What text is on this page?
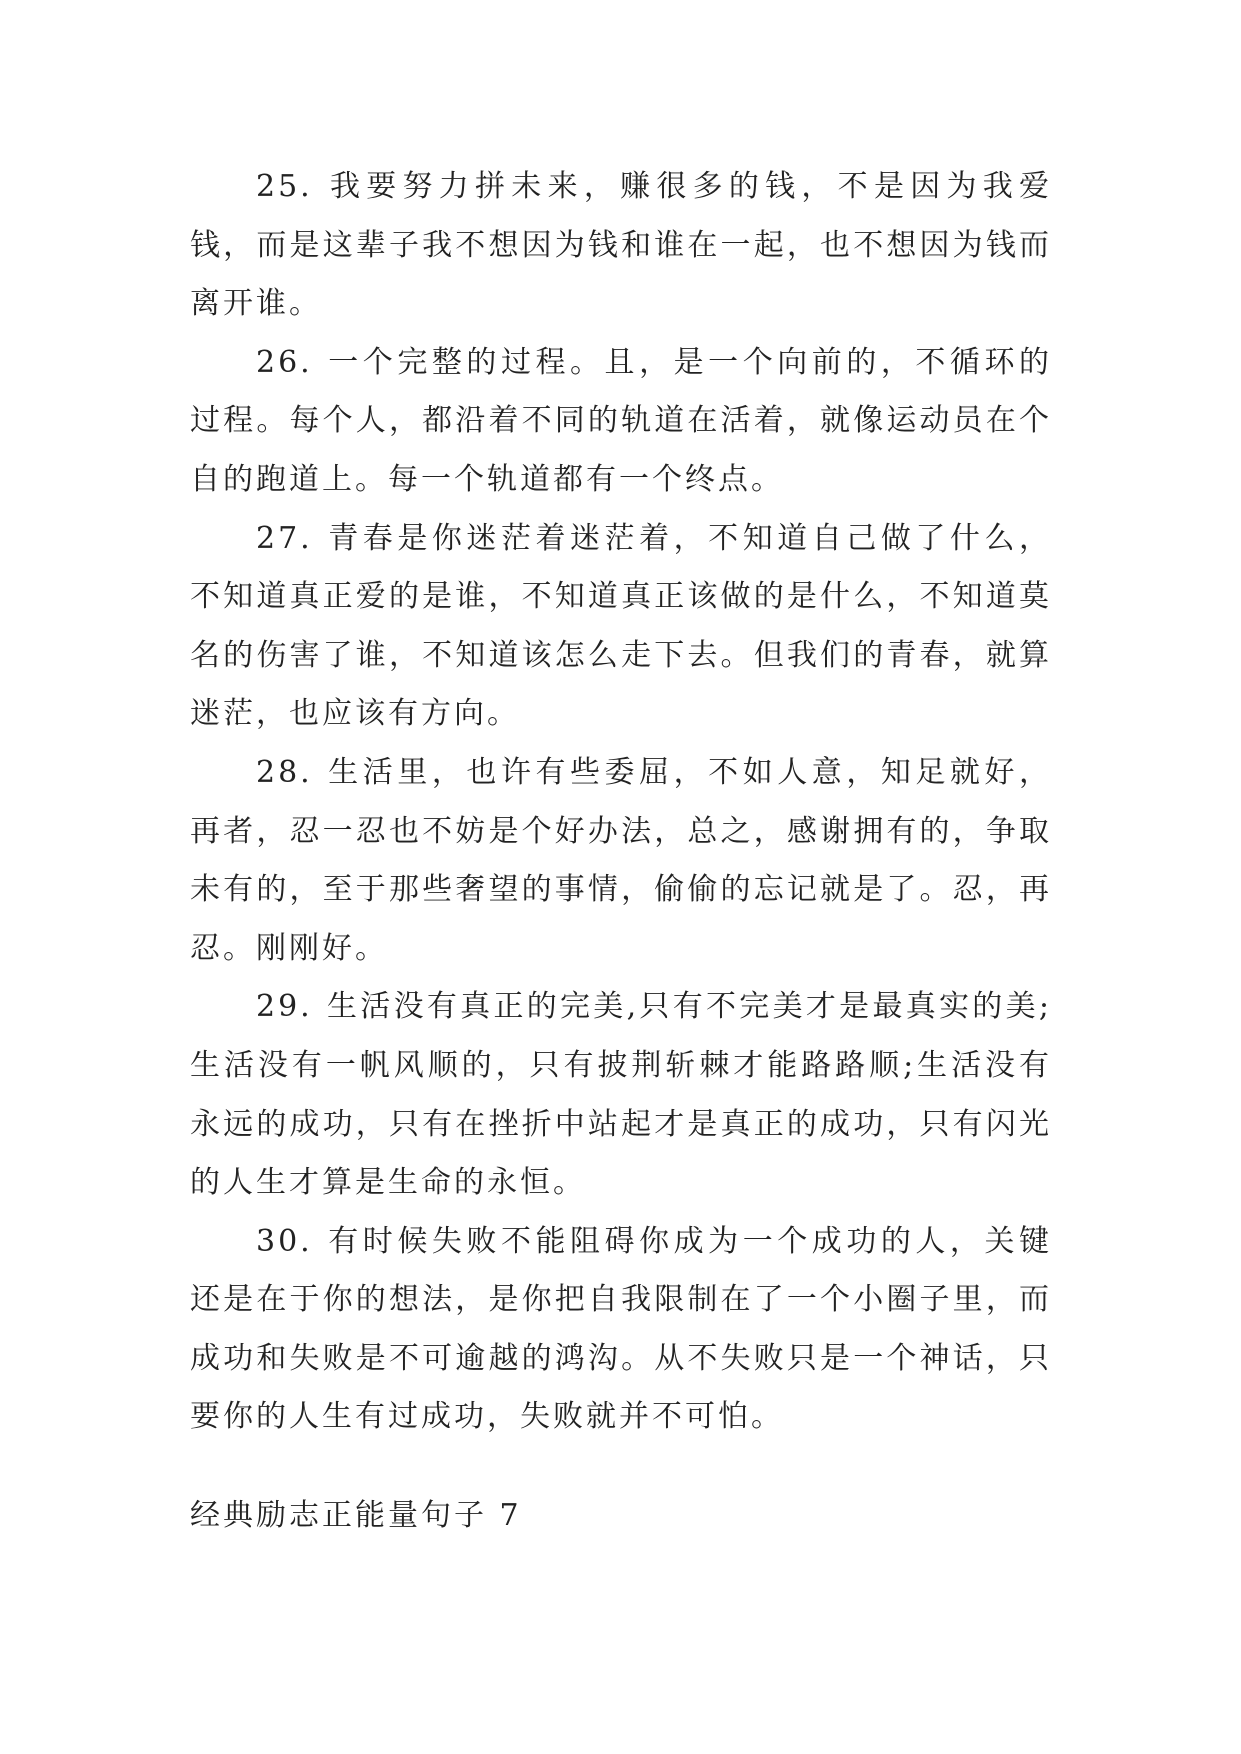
25. 我要努力拼未来，赚很多的钱，不是因为我爱钱，而是这辈子我不想因为钱和谁在一起，也不想因为钱而离开谁。

26. 一个完整的过程。且，是一个向前的，不循环的过程。每个人，都沿着不同的轨道在活着，就像运动员在个自的跑道上。每一个轨道都有一个终点。

27. 青春是你迷茫着迷茫着，不知道自己做了什么，不知道真正爱的是谁，不知道真正该做的是什么，不知道莫名的伤害了谁，不知道该怎么走下去。但我们的青春，就算迷茫，也应该有方向。

28. 生活里，也许有些委屈，不如人意，知足就好，再者，忍一忍也不妨是个好办法，总之，感谢拥有的，争取未有的，至于那些奢望的事情，偷偷的忘记就是了。忍，再忍。刚刚好。

29. 生活没有真正的完美,只有不完美才是最真实的美;生活没有一帆风顺的，只有披荆斩棘才能路路顺;生活没有永远的成功，只有在挫折中站起才是真正的成功，只有闪光的人生才算是生命的永恒。

30. 有时候失败不能阻碍你成为一个成功的人，关键还是在于你的想法，是你把自我限制在了一个小圈子里，而成功和失败是不可逾越的鸿沟。从不失败只是一个神话，只要你的人生有过成功，失败就并不可怕。

经典励志正能量句子 7
